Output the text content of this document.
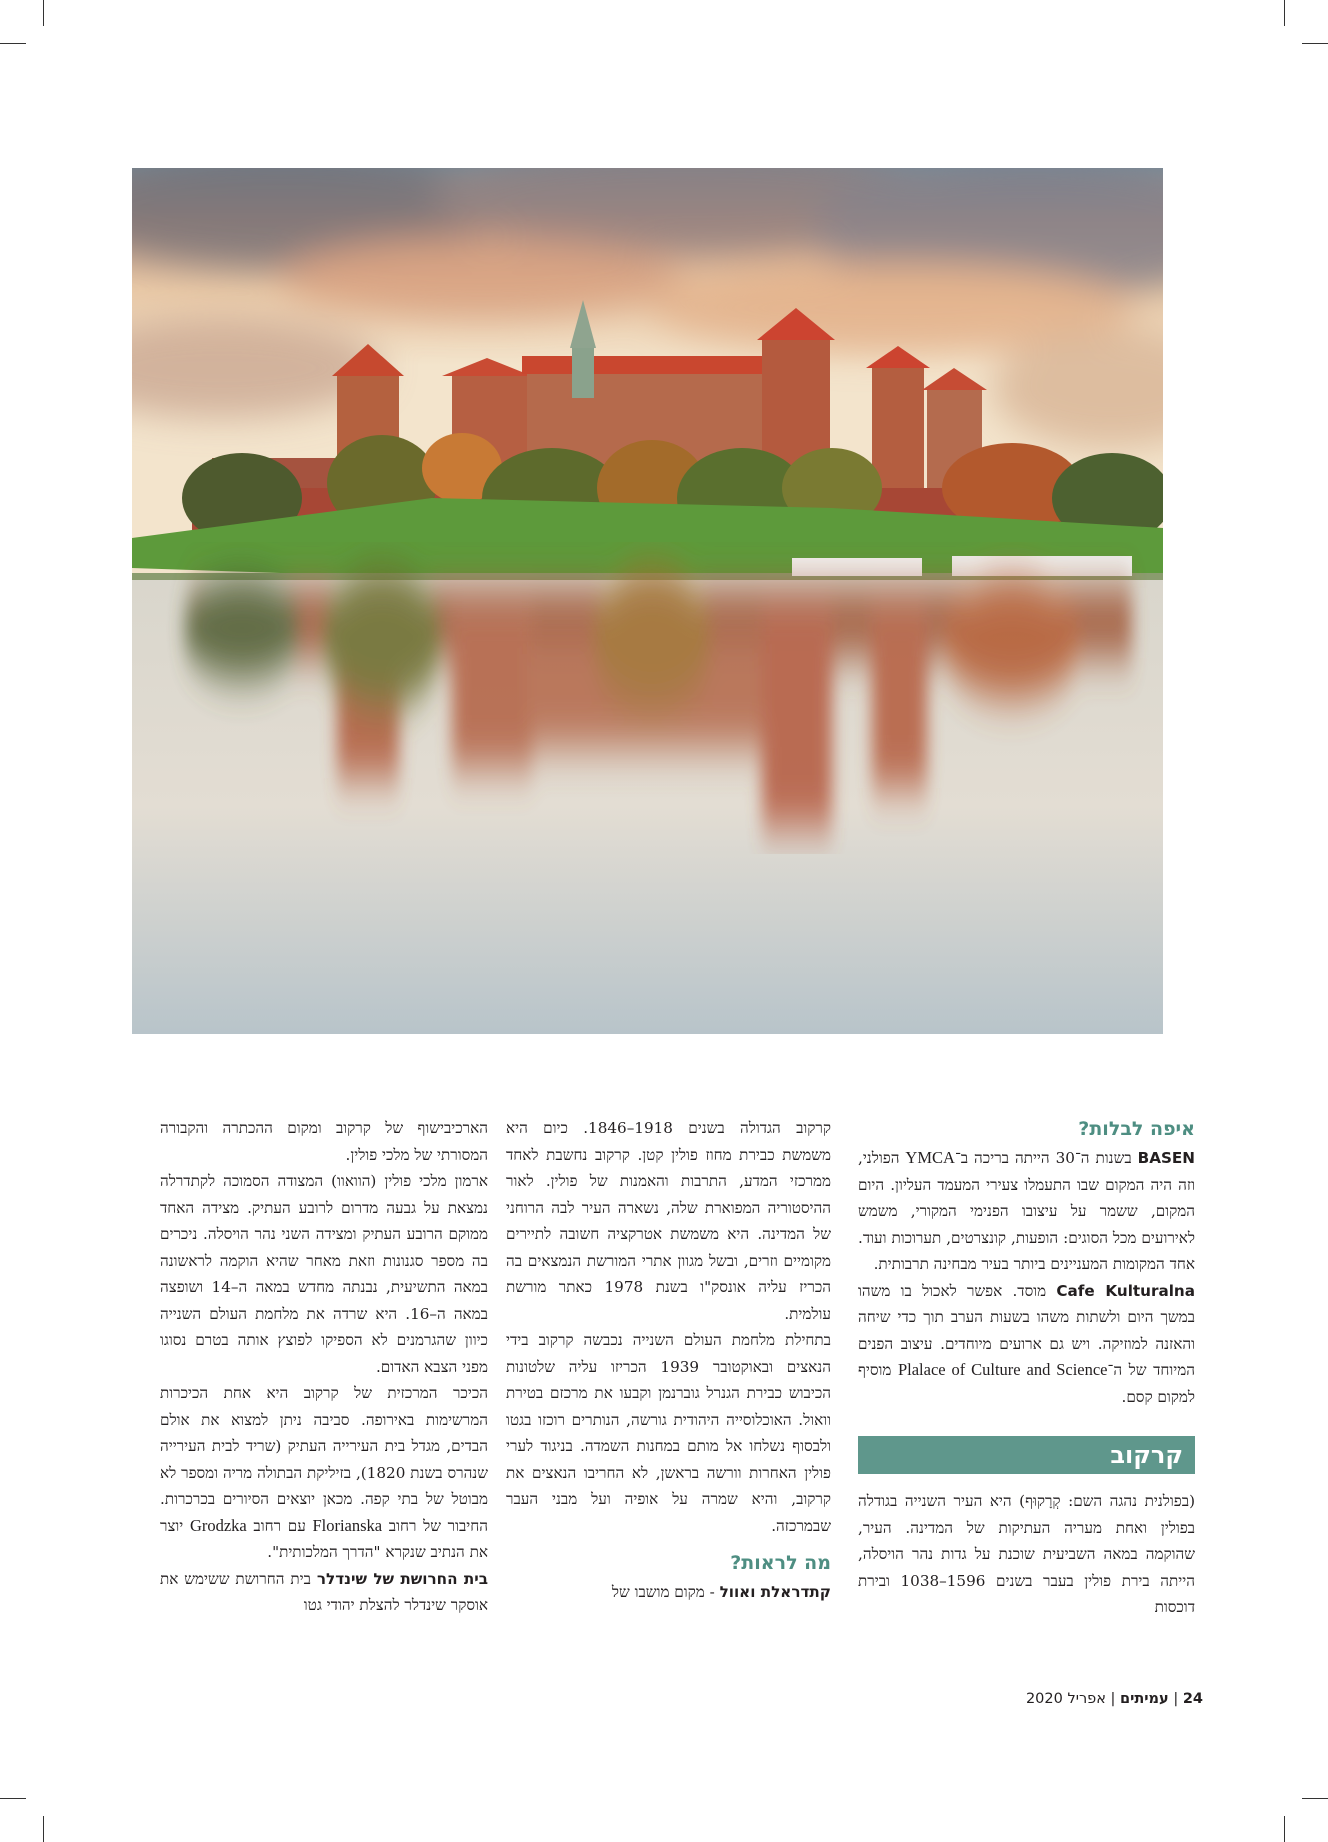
איפה לבלות?

BASEN בשנות ה־30 הייתה בריכה ב־YMCA הפולני, וזה היה המקום שבו התעמלו צעירי המעמד העליון. היום המקום, ששמר על עיצובו הפנימי המקורי, משמש לאירועים מכל הסוגים: הופעות, קונצרטים, תערוכות ועוד. אחד המקומות המעניינים ביותר בעיר מבחינה תרבותית.

Cafe Kulturalna מוסד. אפשר לאכול בו משהו במשך היום ולשתות משהו בשעות הערב תוך כדי שיחה והאזנה למוזיקה. ויש גם ארועים מיוחדים. עיצוב הפנים המיוחד של ה־Plalace of Culture and Science מוסיף למקום קסם.

קרקוב

(בפולנית נהגה השם: קְרָקוּף) היא העיר השנייה בגודלה בפולין ואחת מעריה העתיקות של המדינה. העיר, שהוקמה במאה השביעית שוכנת על גדות נהר הויסלה, הייתה בירת פולין בעבר בשנים 1596–1038 ובירת דוכסות

קרקוב הגדולה בשנים 1918–1846. כיום היא משמשת כבירת מחוז פולין קטן. קרקוב נחשבת לאחד ממרכזי המדע, התרבות והאמנות של פולין. לאור ההיסטוריה המפוארת שלה, נשארה העיר לבה הרוחני של המדינה. היא משמשת אטרקציה חשובה לתיירים מקומיים וזרים, ובשל מגוון אתרי המורשת הנמצאים בה הכריז עליה אונסק"ו בשנת 1978 כאתר מורשת עולמית.

בתחילת מלחמת העולם השנייה נכבשה קרקוב בידי הנאצים ובאוקטובר 1939 הכריזו עליה שלטונות הכיבוש כבירת הגנרל גוברנמן וקבעו את מרכזם בטירת וואול. האוכלוסייה היהודית גורשה, הנותרים רוכזו בגטו ולבסוף נשלחו אל מותם במחנות השמדה. בניגוד לערי פולין האחרות וורשה בראשן, לא החריבו הנאצים את קרקוב, והיא שמרה על אופיה ועל מבני העבר שבמרכזה.

מה לראות?

קתדראלת ואוול - מקום מושבו של

הארכיבישוף של קרקוב ומקום ההכתרה והקבורה המסורתי של מלכי פולין.

ארמון מלכי פולין (הוואוו) המצודה הסמוכה לקתדרלה נמצאת על גבעה מדרום לרובע העתיק. מצידה האחד ממוקם הרובע העתיק ומצידה השני נהר הויסלה. ניכרים בה מספר סגנונות וזאת מאחר שהיא הוקמה לראשונה במאה התשיעית, נבנתה מחדש במאה ה–14 ושופצה במאה ה–16. היא שרדה את מלחמת העולם השנייה כיוון שהגרמנים לא הספיקו לפוצץ אותה בטרם נסוגו מפני הצבא האדום.

הכיכר המרכזית של קרקוב היא אחת הכיכרות המרשימות באירופה. סביבה ניתן למצוא את אולם הבדים, מגדל בית העירייה העתיק (שריד לבית העירייה שנהרס בשנת 1820), בזיליקת הבתולה מריה ומספר לא מבוטל של בתי קפה. מכאן יוצאים הסיורים בכרכרות. החיבור של רחוב Florianska עם רחוב Grodzka יוצר את הנתיב שנקרא "הדרך המלכותית".

בית החרושת של שינדלר בית החרושת ששימש את אוסקר שינדלר להצלת יהודי גטו

24 | עמיתים | אפריל 2020
